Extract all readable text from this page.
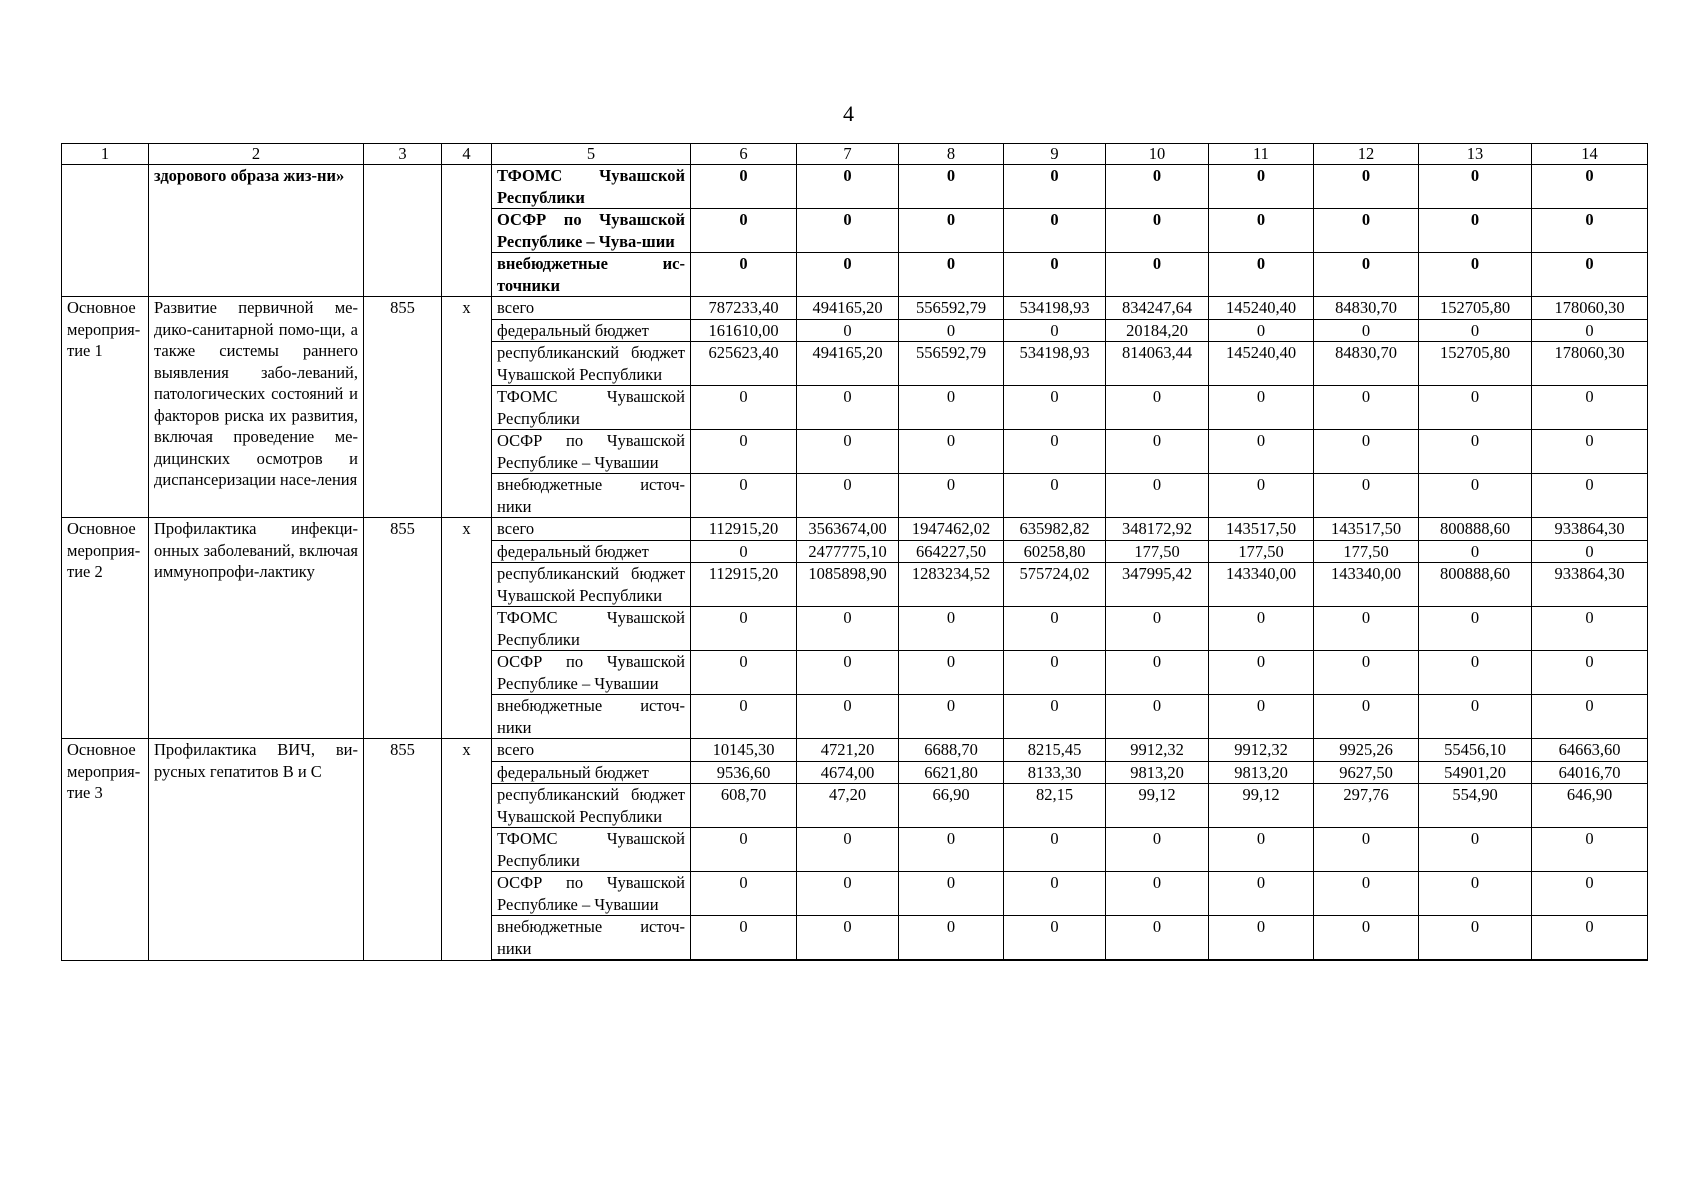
4
1	2	3	4	5	6	7	8	9	10	11	12	13	14
	здорового образа жиз-ни»			ТФОМС Чувашской Республики	0	0	0	0	0	0	0	0	0
				ОСФР по Чувашской Республике – Чува-шии	0	0	0	0	0	0	0	0	0
				внебюджетные ис-точники	0	0	0	0	0	0	0	0	0
Основное мероприя-тие 1	Развитие первичной ме-дико-санитарной помо-щи, а также системы раннего выявления забо-леваний, патологических состояний и факторов риска их развития, включая проведение ме-дицинских осмотров и диспансеризации насе-ления	855	x	всего	787233,40	494165,20	556592,79	534198,93	834247,64	145240,40	84830,70	152705,80	178060,30
				федеральный бюджет	161610,00	0	0	0	20184,20	0	0	0	0
				республиканский бюджет Чувашской Республики	625623,40	494165,20	556592,79	534198,93	814063,44	145240,40	84830,70	152705,80	178060,30
				ТФОМС Чувашской Республики	0	0	0	0	0	0	0	0	0
				ОСФР по Чувашской Республике – Чувашии	0	0	0	0	0	0	0	0	0
				внебюджетные источ-ники	0	0	0	0	0	0	0	0	0
Основное мероприя-тие 2	Профилактика инфекци-онных заболеваний, включая иммунопрофи-лактику	855	x	всего	112915,20	3563674,00	1947462,02	635982,82	348172,92	143517,50	143517,50	800888,60	933864,30
				федеральный бюджет	0	2477775,10	664227,50	60258,80	177,50	177,50	177,50	0	0
				республиканский бюджет Чувашской Республики	112915,20	1085898,90	1283234,52	575724,02	347995,42	143340,00	143340,00	800888,60	933864,30
				ТФОМС Чувашской Республики	0	0	0	0	0	0	0	0	0
				ОСФР по Чувашской Республике – Чувашии	0	0	0	0	0	0	0	0	0
				внебюджетные источ-ники	0	0	0	0	0	0	0	0	0
Основное мероприя-тие 3	Профилактика ВИЧ, ви-русных гепатитов B и C	855	x	всего	10145,30	4721,20	6688,70	8215,45	9912,32	9912,32	9925,26	55456,10	64663,60
				федеральный бюджет	9536,60	4674,00	6621,80	8133,30	9813,20	9813,20	9627,50	54901,20	64016,70
				республиканский бюджет Чувашской Республики	608,70	47,20	66,90	82,15	99,12	99,12	297,76	554,90	646,90
				ТФОМС Чувашской Республики	0	0	0	0	0	0	0	0	0
				ОСФР по Чувашской Республике – Чувашии	0	0	0	0	0	0	0	0	0
				внебюджетные источ-ники	0	0	0	0	0	0	0	0	0
